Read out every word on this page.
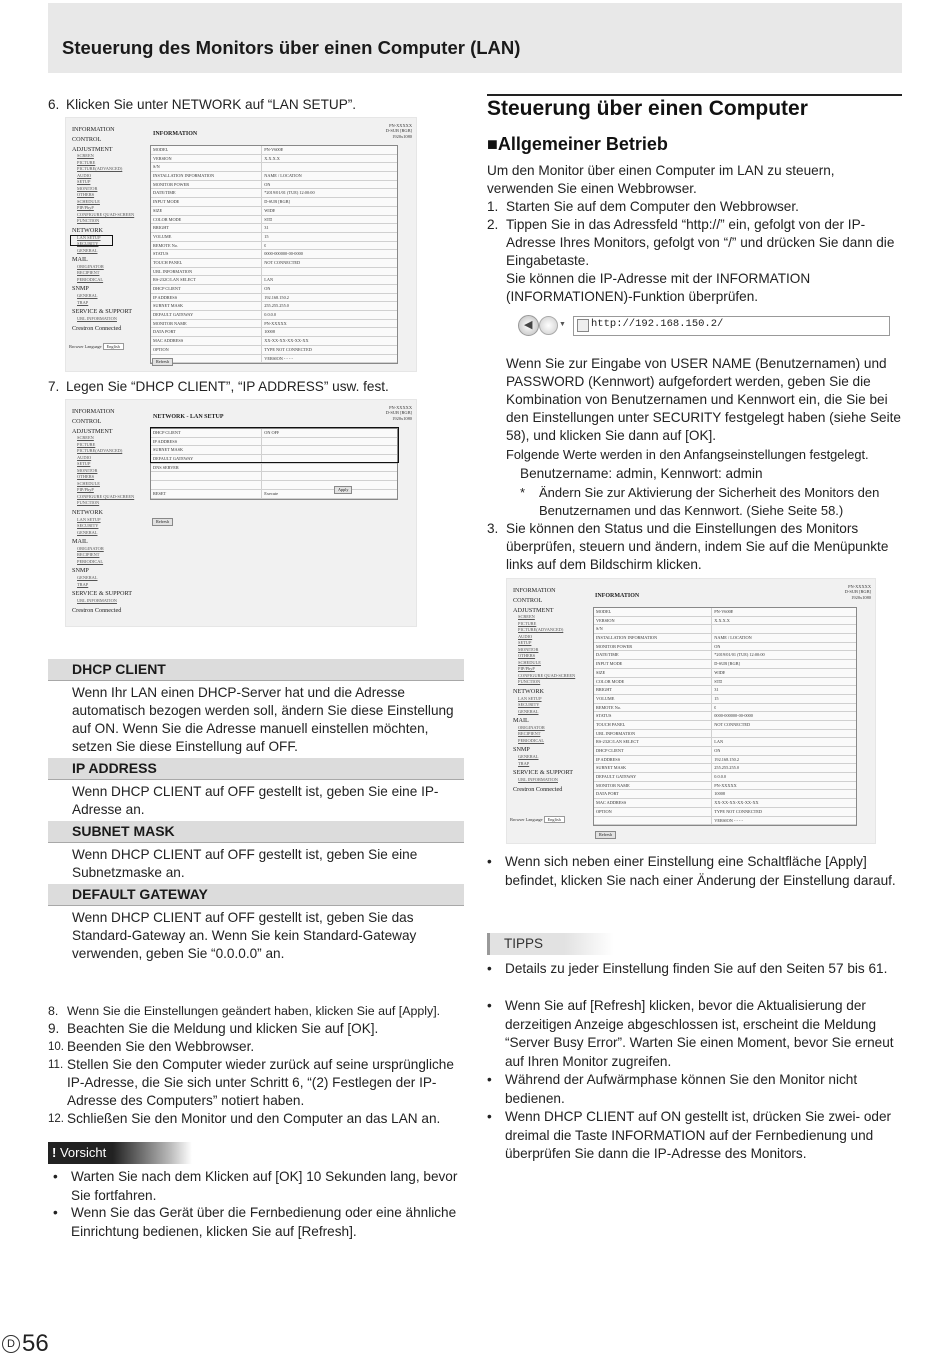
Steuerung des Monitors über einen Computer (LAN)
6. Klicken Sie unter NETWORK auf “LAN SETUP”.
INFORMATION
CONTROL
ADJUSTMENT
SCREEN
PICTURE
PICTURE(ADVANCED)
AUDIO
SETUP
MONITOR
OTHERS
SCHEDULE
PIP/PbyP
CONFIGURE QUAD-SCREEN
FUNCTION
NETWORK
LAN SETUP
SECURITY
GENERAL
MAIL
ORIGINATOR
RECIPIENT
PERIODICAL
SNMP
GENERAL
TRAP
SERVICE & SUPPORT
URL INFORMATION
Crestron Connected
INFORMATION
PN-XXXXX
D-SUB [RGB]
1920x1080
MODEL	PN-V600E
VERSION	X.X.X.X
S/N
INSTALLATION INFORMATION	NAME / LOCATION
MONITOR POWER	ON
DATE/TIME	*2019/01/01 (TUE) 12:00:00
INPUT MODE	D-SUB [RGB]
SIZE	WIDE
COLOR MODE	STD
BRIGHT	31
VOLUME	15
REMOTE No.	0
STATUS	0000-000000-00-0000
TOUCH PANEL	NOT CONNECTED
URL INFORMATION
RS-232C/LAN SELECT	LAN
DHCP CLIENT	ON
IP ADDRESS	192.168.150.2
SUBNET MASK	255.255.255.0
DEFAULT GATEWAY	0.0.0.0
MONITOR NAME	PN-XXXXX
DATA PORT	10008
MAC ADDRESS	XX-XX-XX-XX-XX-XX
OPTION	TYPE NOT CONNECTED
VERSION - - - -
Refresh
Browser Language English
7. Legen Sie “DHCP CLIENT”, “IP ADDRESS” usw. fest.
INFORMATION
CONTROL
ADJUSTMENT
SCREEN
PICTURE
PICTURE(ADVANCED)
AUDIO
SETUP
MONITOR
OTHERS
SCHEDULE
PIP/PbyP
CONFIGURE QUAD-SCREEN
FUNCTION
NETWORK
LAN SETUP
SECURITY
GENERAL
MAIL
ORIGINATOR
RECIPIENT
PERIODICAL
SNMP
GENERAL
TRAP
SERVICE & SUPPORT
URL INFORMATION
Crestron Connected
NETWORK - LAN SETUP
PN-XXXXX
D-SUB [RGB]
1920x1080
DHCP CLIENT	ON OFF
IP ADDRESS
SUBNET MASK
DEFAULT GATEWAY
DNS SERVER
RESET	Execute
Apply
Refresh
DHCP CLIENT
Wenn Ihr LAN einen DHCP-Server hat und die Adresse automatisch bezogen werden soll, ändern Sie diese Einstellung auf ON. Wenn Sie die Adresse manuell einstellen möchten, setzen Sie diese Einstellung auf OFF.
IP ADDRESS
Wenn DHCP CLIENT auf OFF gestellt ist, geben Sie eine IP-Adresse an.
SUBNET MASK
Wenn DHCP CLIENT auf OFF gestellt ist, geben Sie eine Subnetzmaske an.
DEFAULT GATEWAY
Wenn DHCP CLIENT auf OFF gestellt ist, geben Sie das Standard-Gateway an. Wenn Sie kein Standard-Gateway verwenden, geben Sie “0.0.0.0” an.
8. Wenn Sie die Einstellungen geändert haben, klicken Sie auf [Apply].
9. Beachten Sie die Meldung und klicken Sie auf [OK].
10. Beenden Sie den Webbrowser.
11. Stellen Sie den Computer wieder zurück auf seine ursprüngliche IP-Adresse, die Sie sich unter Schritt 6, “(2) Festlegen der IP-Adresse des Computers” notiert haben.
12. Schließen Sie den Monitor und den Computer an das LAN an.
! Vorsicht
• Warten Sie nach dem Klicken auf [OK] 10 Sekunden lang, bevor Sie fortfahren.
• Wenn Sie das Gerät über die Fernbedienung oder eine ähnliche Einrichtung bedienen, klicken Sie auf [Refresh].
Steuerung über einen Computer
■Allgemeiner Betrieb
Um den Monitor über einen Computer im LAN zu steuern, verwenden Sie einen Webbrowser.
1. Starten Sie auf dem Computer den Webbrowser.
2. Tippen Sie in das Adressfeld “http://” ein, gefolgt von der IP-Adresse Ihres Monitors, gefolgt von “/” und drücken Sie dann die Eingabetaste.
Sie können die IP-Adresse mit der INFORMATION (INFORMATIONEN)-Funktion überprüfen.
◀	▼ http://192.168.150.2/
Wenn Sie zur Eingabe von USER NAME (Benutzernamen) und PASSWORD (Kennwort) aufgefordert werden, geben Sie die Kombination von Benutzernamen und Kennwort ein, die Sie bei den Einstellungen unter SECURITY festgelegt haben (siehe Seite 58), und klicken Sie dann auf [OK].
Folgende Werte werden in den Anfangseinstellungen festgelegt.
Benutzername: admin, Kennwort: admin
*	Ändern Sie zur Aktivierung der Sicherheit des Monitors den Benutzernamen und das Kennwort. (Siehe Seite 58.)
3. Sie können den Status und die Einstellungen des Monitors überprüfen, steuern und ändern, indem Sie auf die Menüpunkte links auf dem Bildschirm klicken.
INFORMATION
CONTROL
ADJUSTMENT
SCREEN
PICTURE
PICTURE(ADVANCED)
AUDIO
SETUP
MONITOR
OTHERS
SCHEDULE
PIP/PbyP
CONFIGURE QUAD-SCREEN
FUNCTION
NETWORK
LAN SETUP
SECURITY
GENERAL
MAIL
ORIGINATOR
RECIPIENT
PERIODICAL
SNMP
GENERAL
TRAP
SERVICE & SUPPORT
URL INFORMATION
Crestron Connected
INFORMATION
PN-XXXXX
D-SUB [RGB]
1920x1080
MODEL	PN-V600E
VERSION	X.X.X.X
S/N
INSTALLATION INFORMATION	NAME / LOCATION
MONITOR POWER	ON
DATE/TIME	*2019/01/01 (TUE) 12:00:00
INPUT MODE	D-SUB [RGB]
SIZE	WIDE
COLOR MODE	STD
BRIGHT	31
VOLUME	15
REMOTE No.	0
STATUS	0000-000000-00-0000
TOUCH PANEL	NOT CONNECTED
URL INFORMATION
RS-232C/LAN SELECT	LAN
DHCP CLIENT	ON
IP ADDRESS	192.168.150.2
SUBNET MASK	255.255.255.0
DEFAULT GATEWAY	0.0.0.0
MONITOR NAME	PN-XXXXX
DATA PORT	10008
MAC ADDRESS	XX-XX-XX-XX-XX-XX
OPTION	TYPE NOT CONNECTED
VERSION - - - -
Refresh
Browser Language English
• Wenn sich neben einer Einstellung eine Schaltfläche [Apply] befindet, klicken Sie nach einer Änderung der Einstellung darauf.
TIPPS
• Details zu jeder Einstellung finden Sie auf den Seiten 57 bis 61.
• Wenn Sie auf [Refresh] klicken, bevor die Aktualisierung der derzeitigen Anzeige abgeschlossen ist, erscheint die Meldung “Server Busy Error”. Warten Sie einen Moment, bevor Sie erneut auf Ihren Monitor zugreifen.
• Während der Aufwärmphase können Sie den Monitor nicht bedienen.
• Wenn DHCP CLIENT auf ON gestellt ist, drücken Sie zwei- oder dreimal die Taste INFORMATION auf der Fernbedienung und überprüfen Sie dann die IP-Adresse des Monitors.
D 56
